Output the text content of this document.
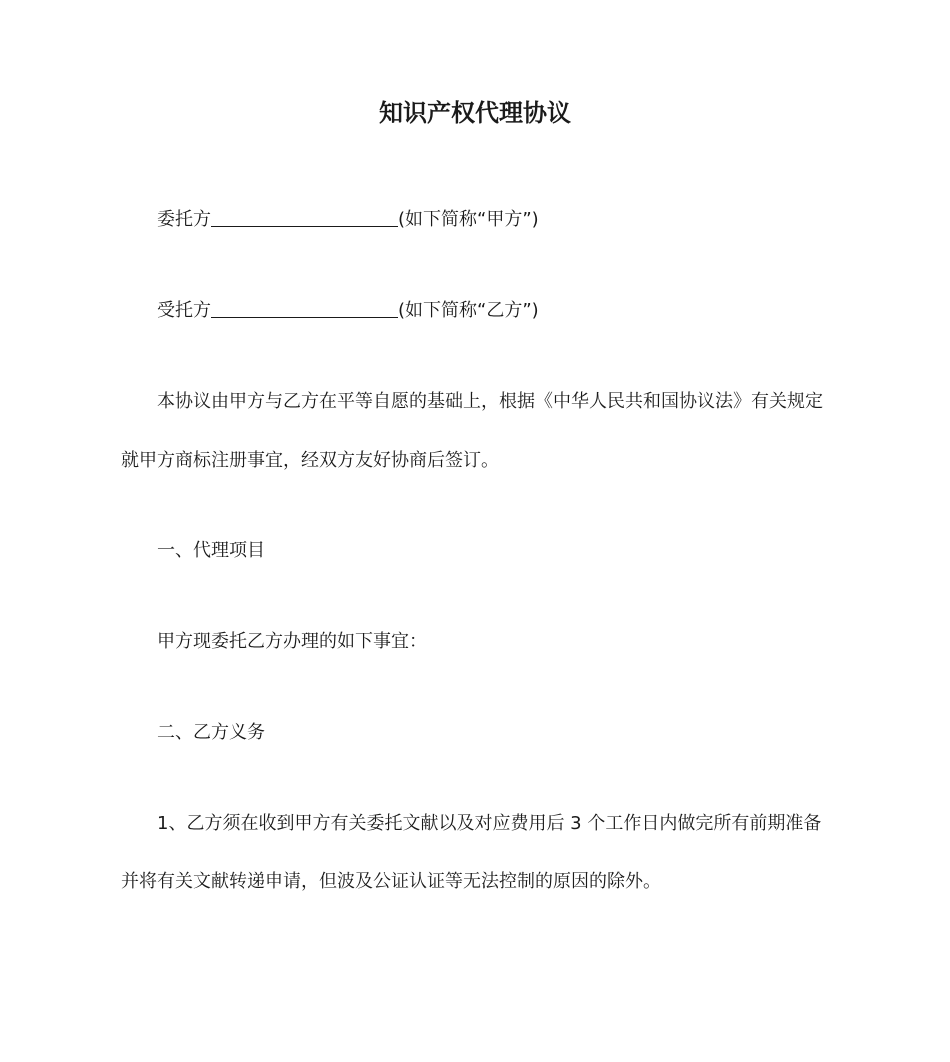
知识产权代理协议
委托方	(如下简称“甲方”)
受托方	(如下简称“乙方”)
本协议由甲方与乙方在平等自愿的基础上，根据《中华人民共和国协议法》有关规定
就甲方商标注册事宜，经双方友好协商后签订。
一、代理项目
甲方现委托乙方办理的如下事宜：
二、乙方义务
1、乙方须在收到甲方有关委托文献以及对应费用后 3 个工作日内做完所有前期准备
并将有关文献转递申请，但波及公证认证等无法控制的原因的除外。
